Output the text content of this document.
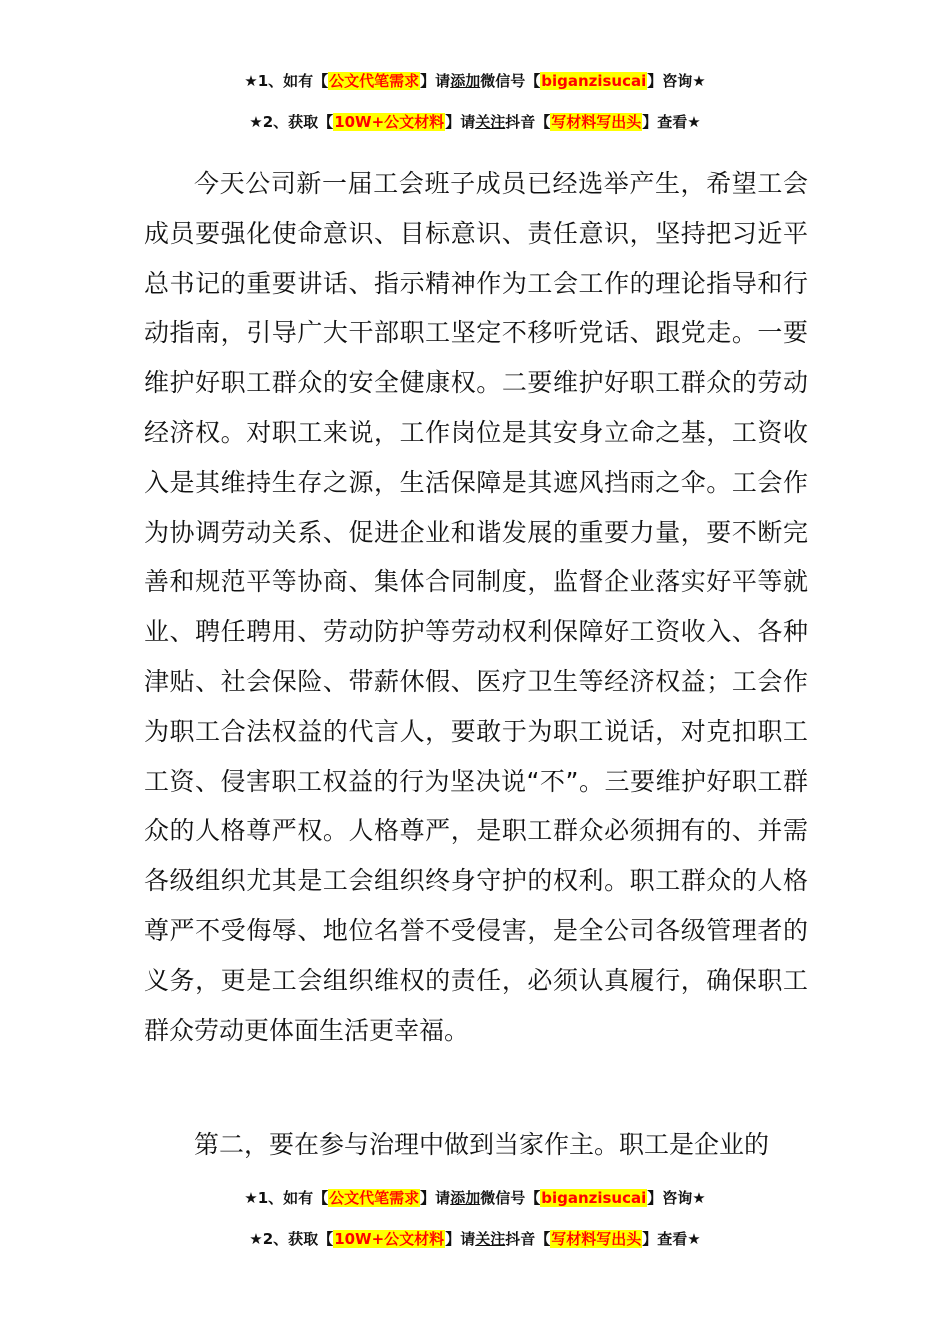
★1、如有【公文代笔需求】请添加微信号【biganzisucai】咨询★
★2、获取【10W+公文材料】请关注抖音【写材料写出头】查看★

今天公司新一届工会班子成员已经选举产生，希望工会成员要强化使命意识、目标意识、责任意识，坚持把习近平总书记的重要讲话、指示精神作为工会工作的理论指导和行动指南，引导广大干部职工坚定不移听党话、跟党走。一要维护好职工群众的安全健康权。二要维护好职工群众的劳动经济权。对职工来说，工作岗位是其安身立命之基，工资收入是其维持生存之源，生活保障是其遮风挡雨之伞。工会作为协调劳动关系、促进企业和谐发展的重要力量，要不断完善和规范平等协商、集体合同制度，监督企业落实好平等就业、聘任聘用、劳动防护等劳动权利保障好工资收入、各种津贴、社会保险、带薪休假、医疗卫生等经济权益；工会作为职工合法权益的代言人，要敢于为职工说话，对克扣职工工资、侵害职工权益的行为坚决说“不”。三要维护好职工群众的人格尊严权。人格尊严，是职工群众必须拥有的、并需各级组织尤其是工会组织终身守护的权利。职工群众的人格尊严不受侮辱、地位名誉不受侵害，是全公司各级管理者的义务，更是工会组织维权的责任，必须认真履行，确保职工群众劳动更体面生活更幸福。

第二，要在参与治理中做到当家作主。职工是企业的

★1、如有【公文代笔需求】请添加微信号【biganzisucai】咨询★
★2、获取【10W+公文材料】请关注抖音【写材料写出头】查看★
